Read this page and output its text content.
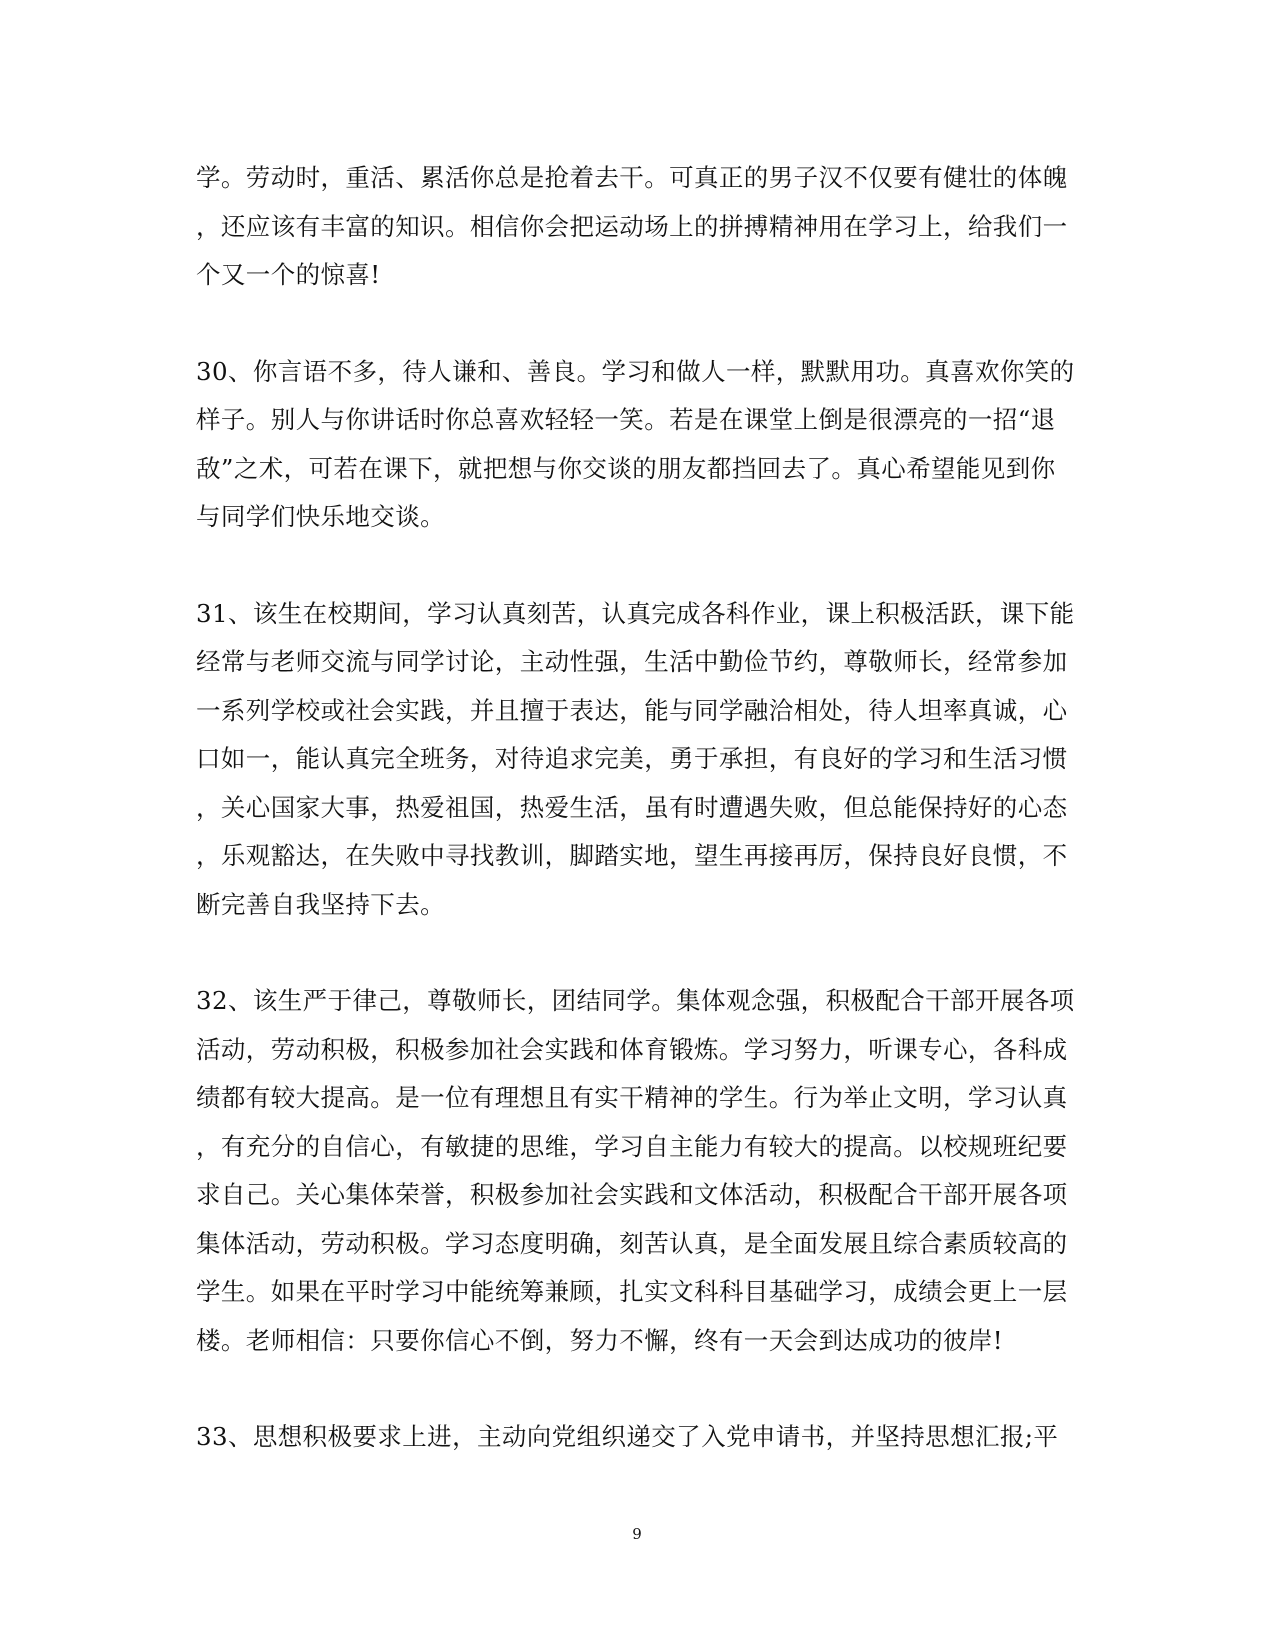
学。劳动时，重活、累活你总是抢着去干。可真正的男子汉不仅要有健壮的体魄
，还应该有丰富的知识。相信你会把运动场上的拼搏精神用在学习上，给我们一
个又一个的惊喜!

30、你言语不多，待人谦和、善良。学习和做人一样，默默用功。真喜欢你笑的
样子。别人与你讲话时你总喜欢轻轻一笑。若是在课堂上倒是很漂亮的一招“退
敌”之术，可若在课下，就把想与你交谈的朋友都挡回去了。真心希望能见到你
与同学们快乐地交谈。

31、该生在校期间，学习认真刻苦，认真完成各科作业，课上积极活跃，课下能
经常与老师交流与同学讨论，主动性强，生活中勤俭节约，尊敬师长，经常参加
一系列学校或社会实践，并且擅于表达，能与同学融洽相处，待人坦率真诚，心
口如一，能认真完全班务，对待追求完美，勇于承担，有良好的学习和生活习惯
，关心国家大事，热爱祖国，热爱生活，虽有时遭遇失败，但总能保持好的心态
，乐观豁达，在失败中寻找教训，脚踏实地，望生再接再厉，保持良好良惯，不
断完善自我坚持下去。

32、该生严于律己，尊敬师长，团结同学。集体观念强，积极配合干部开展各项
活动，劳动积极，积极参加社会实践和体育锻炼。学习努力，听课专心，各科成
绩都有较大提高。是一位有理想且有实干精神的学生。行为举止文明，学习认真
，有充分的自信心，有敏捷的思维，学习自主能力有较大的提高。以校规班纪要
求自己。关心集体荣誉，积极参加社会实践和文体活动，积极配合干部开展各项
集体活动，劳动积极。学习态度明确，刻苦认真，是全面发展且综合素质较高的
学生。如果在平时学习中能统筹兼顾，扎实文科科目基础学习，成绩会更上一层
楼。老师相信：只要你信心不倒，努力不懈，终有一天会到达成功的彼岸!

33、思想积极要求上进，主动向党组织递交了入党申请书，并坚持思想汇报;平

9
